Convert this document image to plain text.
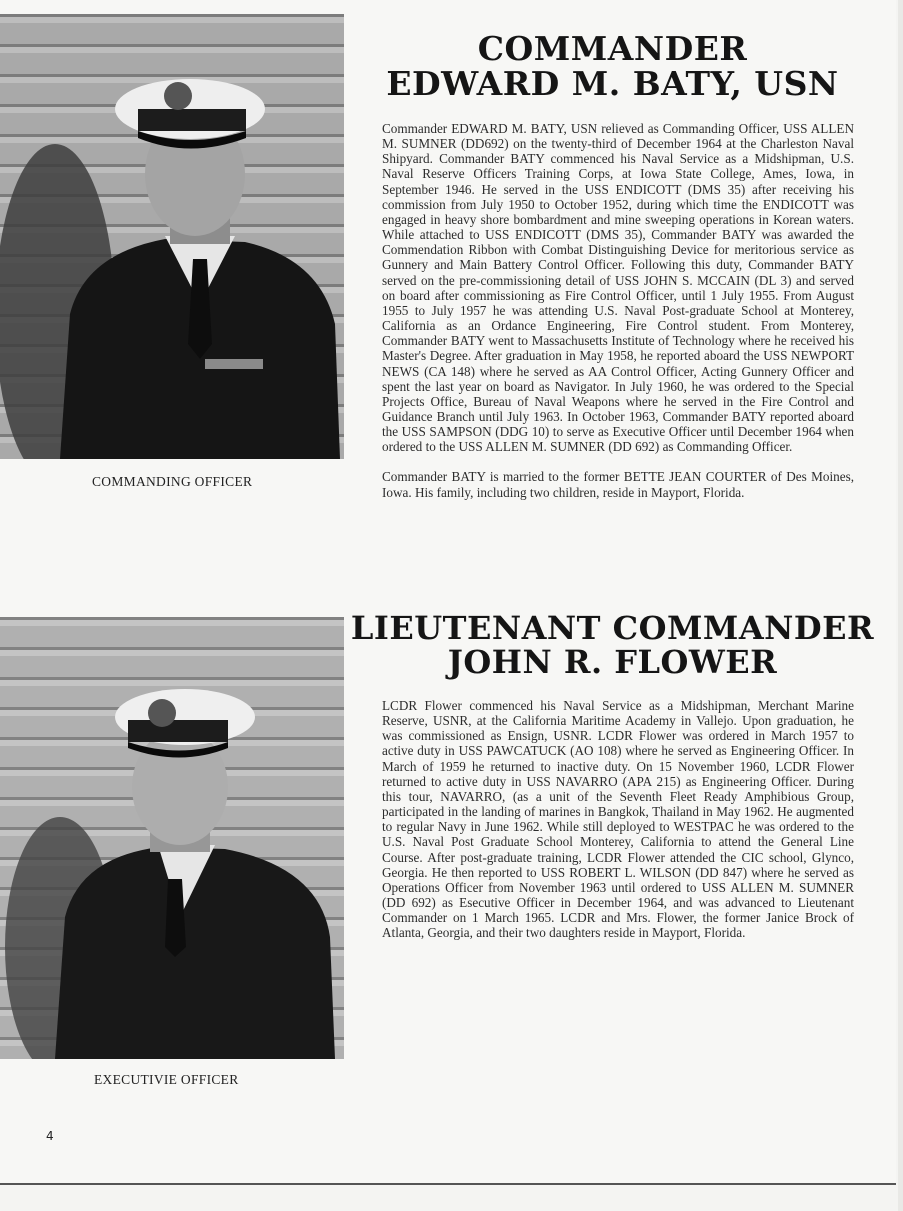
COMMANDING OFFICER
COMMANDER
EDWARD M. BATY, USN

Commander EDWARD M. BATY, USN relieved as Commanding Officer, USS ALLEN M. SUMNER (DD692) on the twenty-third of December 1964 at the Charleston Naval Shipyard. Commander BATY commenced his Naval Service as a Midshipman, U.S. Naval Reserve Officers Training Corps, at Iowa State College, Ames, Iowa, in September 1946. He served in the USS ENDICOTT (DMS 35) after receiving his commission from July 1950 to October 1952, during which time the ENDICOTT was engaged in heavy shore bombardment and mine sweeping operations in Korean waters. While attached to USS ENDICOTT (DMS 35), Commander BATY was awarded the Commendation Ribbon with Combat Distinguishing Device for meritorious service as Gunnery and Main Battery Control Officer. Following this duty, Commander BATY served on the pre-commissioning detail of USS JOHN S. MCCAIN (DL 3) and served on board after commissioning as Fire Control Officer, until 1 July 1955. From August 1955 to July 1957 he was attending U.S. Naval Post-graduate School at Monterey, California as an Ordance Engineering, Fire Control student. From Monterey, Commander BATY went to Massachusetts Institute of Technology where he received his Master's Degree. After graduation in May 1958, he reported aboard the USS NEWPORT NEWS (CA 148) where he served as AA Control Officer, Acting Gunnery Officer and spent the last year on board as Navigator. In July 1960, he was ordered to the Special Projects Office, Bureau of Naval Weapons where he served in the Fire Control and Guidance Branch until July 1963. In October 1963, Commander BATY reported aboard the USS SAMPSON (DDG 10) to serve as Executive Officer until December 1964 when ordered to the USS ALLEN M. SUMNER (DD 692) as Commanding Officer.

Commander BATY is married to the former BETTE JEAN COURTER of Des Moines, Iowa. His family, including two children, reside in Mayport, Florida.

EXECUTIVIE OFFICER
LIEUTENANT COMMANDER
JOHN R. FLOWER

LCDR Flower commenced his Naval Service as a Midshipman, Merchant Marine Reserve, USNR, at the California Maritime Academy in Vallejo. Upon graduation, he was commissioned as Ensign, USNR. LCDR Flower was ordered in March 1957 to active duty in USS PAWCATUCK (AO 108) where he served as Engineering Officer. In March of 1959 he returned to inactive duty. On 15 November 1960, LCDR Flower returned to active duty in USS NAVARRO (APA 215) as Engineering Officer. During this tour, NAVARRO, (as a unit of the Seventh Fleet Ready Amphibious Group, participated in the landing of marines in Bangkok, Thailand in May 1962. He augmented to regular Navy in June 1962. While still deployed to WESTPAC he was ordered to the U.S. Naval Post Graduate School Monterey, California to attend the General Line Course. After post-graduate training, LCDR Flower attended the CIC school, Glynco, Georgia. He then reported to USS ROBERT L. WILSON (DD 847) where he served as Operations Officer from November 1963 until ordered to USS ALLEN M. SUMNER (DD 692) as Esecutive Officer in December 1964, and was advanced to Lieutenant Commander on 1 March 1965. LCDR and Mrs. Flower, the former Janice Brock of Atlanta, Georgia, and their two daughters reside in Mayport, Florida.

4
